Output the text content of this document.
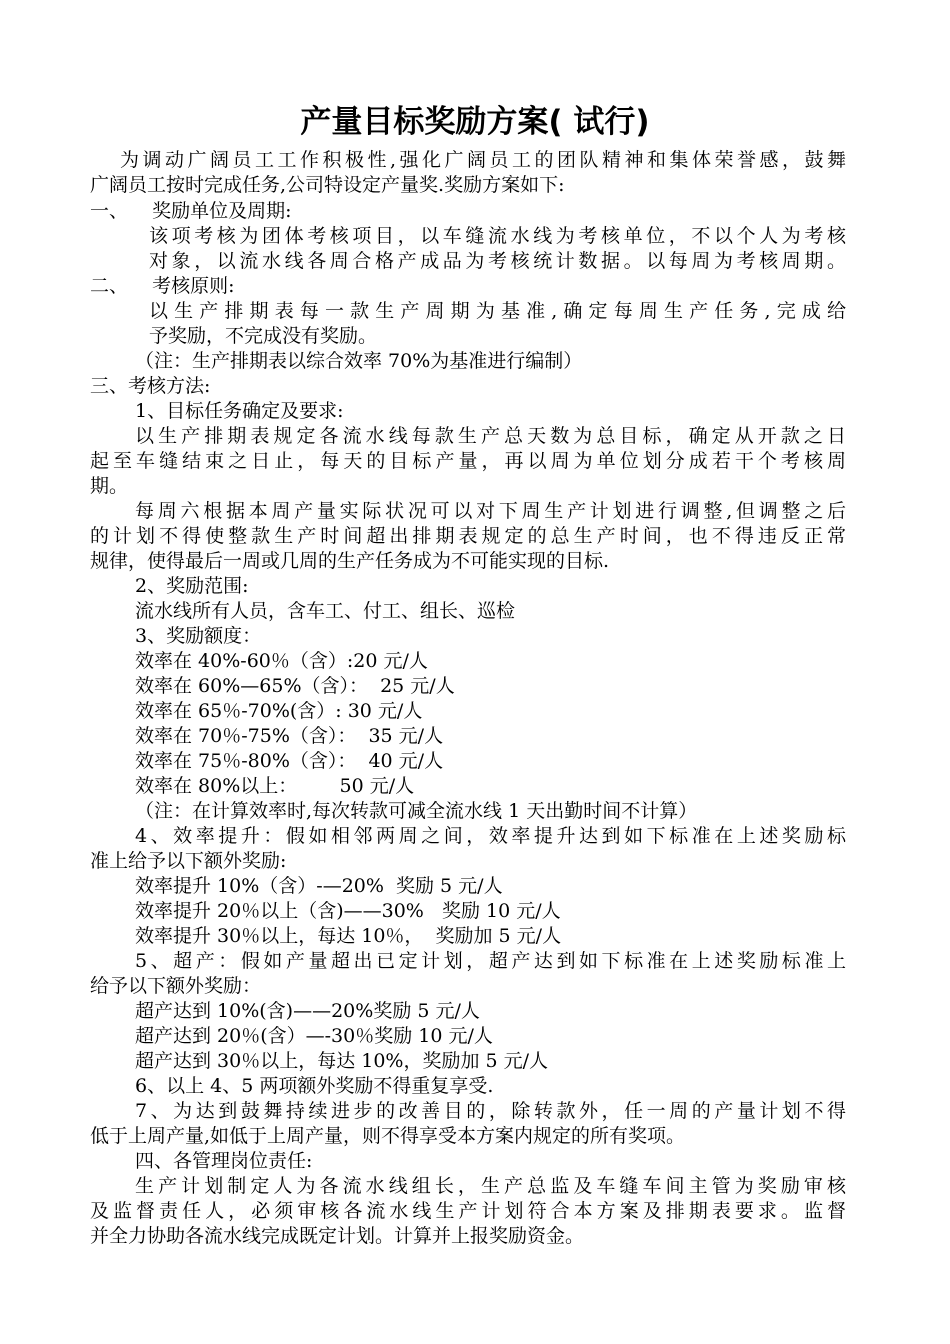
产量目标奖励方案( 试行)
为调动广阔员工工作积极性,强化广阔员工的团队精神和集体荣誉感，鼓舞
广阔员工按时完成任务,公司特设定产量奖.奖励方案如下:
一、    奖励单位及周期:
该项考核为团体考核项目，以车缝流水线为考核单位，不以个人为考核
对象，以流水线各周合格产成品为考核统计数据。以每周为考核周期。
二、    考核原则:
以生产排期表每一款生产周期为基准,确定每周生产任务,完成给
予奖励，不完成没有奖励。
（注：生产排期表以综合效率 70%为基准进行编制）
三、考核方法:
1、目标任务确定及要求:
以生产排期表规定各流水线每款生产总天数为总目标，确定从开款之日
起至车缝结束之日止，每天的目标产量，再以周为单位划分成若干个考核周
期。
每周六根据本周产量实际状况可以对下周生产计划进行调整,但调整之后
的计划不得使整款生产时间超出排期表规定的总生产时间，也不得违反正常
规律，使得最后一周或几周的生产任务成为不可能实现的目标.
2、奖励范围:
流水线所有人员，含车工、付工、组长、巡检
3、奖励额度：
效率在 40%-60％（含）:20 元/人
效率在 60%—65%（含）：  25 元/人
效率在 65％-70%(含）: 30 元/人
效率在 70％-75%（含）：  35 元/人
效率在 75％-80%（含）：  40 元/人
效率在 80%以上：       50 元/人
（注：在计算效率时,每次转款可减全流水线 1 天出勤时间不计算）
4、效率提升：假如相邻两周之间，效率提升达到如下标准在上述奖励标
准上给予以下额外奖励:
效率提升 10%（含）-—20%  奖励 5 元/人
效率提升 20％以上（含)——30%   奖励 10 元/人
效率提升 30％以上，每达 10％，  奖励加 5 元/人
5、超产：假如产量超出已定计划，超产达到如下标准在上述奖励标准上
给予以下额外奖励：
超产达到 10%(含)——20%奖励 5 元/人
超产达到 20％(含）—-30％奖励 10 元/人
超产达到 30％以上，每达 10%，奖励加 5 元/人
6、以上 4、5 两项额外奖励不得重复享受.
7、为达到鼓舞持续进步的改善目的，除转款外，任一周的产量计划不得
低于上周产量,如低于上周产量，则不得享受本方案内规定的所有奖项。
四、各管理岗位责任:
生产计划制定人为各流水线组长，生产总监及车缝车间主管为奖励审核
及监督责任人，必须审核各流水线生产计划符合本方案及排期表要求。监督
并全力协助各流水线完成既定计划。计算并上报奖励资金。
